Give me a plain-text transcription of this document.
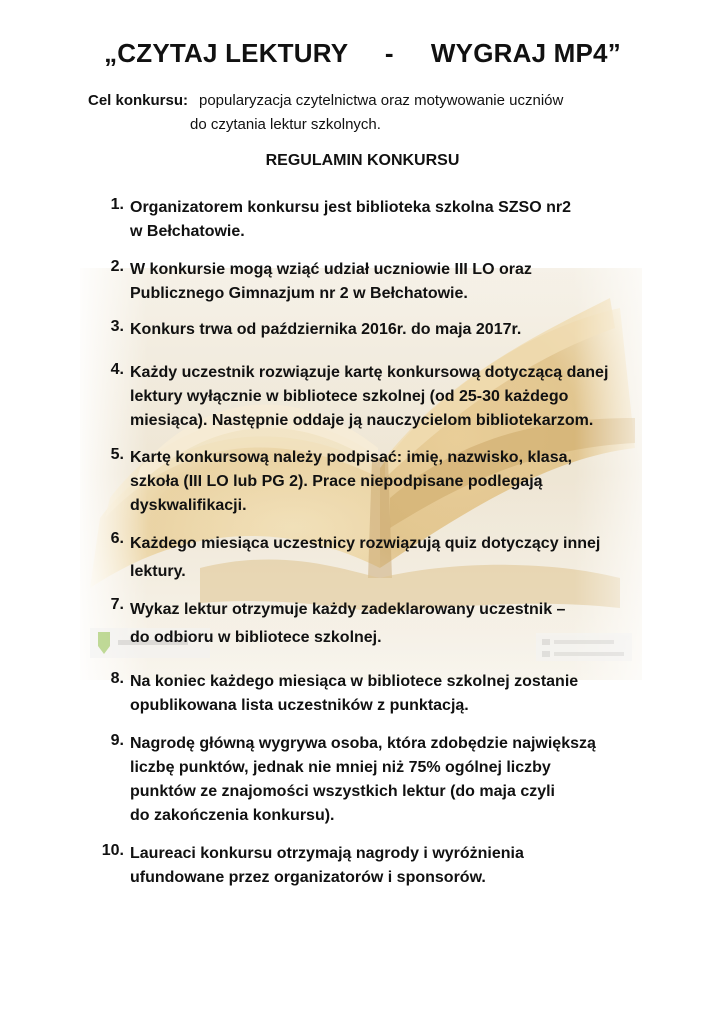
„CZYTAJ LEKTURY     -     WYGRAJ MP4”
Cel konkursu: popularyzacja czytelnictwa oraz motywowanie uczniów
do czytania lektur szkolnych.
REGULAMIN KONKURSU
1. Organizatorem konkursu jest biblioteka szkolna SZSO nr2
w Bełchatowie.
2. W konkursie mogą wziąć udział uczniowie III LO oraz
Publicznego Gimnazjum nr 2 w Bełchatowie.
3. Konkurs trwa od października 2016r. do maja 2017r.
4. Każdy uczestnik rozwiązuje kartę konkursową dotyczącą danej
lektury wyłącznie w bibliotece szkolnej (od 25-30 każdego
miesiąca). Następnie oddaje ją nauczycielom bibliotekarzom.
5. Kartę konkursową należy podpisać: imię, nazwisko, klasa,
szkoła (III LO lub PG 2). Prace niepodpisane podlegają
dyskwalifikacji.
6. Każdego miesiąca uczestnicy rozwiązują quiz dotyczący innej
lektury.
7. Wykaz lektur otrzymuje każdy zadeklarowany uczestnik –
do odbioru w bibliotece szkolnej.
8. Na koniec każdego miesiąca w bibliotece szkolnej zostanie
opublikowana lista uczestników z punktacją.
9. Nagrodę główną wygrywa osoba, która zdobędzie największą
liczbę punktów, jednak nie mniej niż 75% ogólnej liczby
punktów ze znajomości wszystkich lektur (do maja czyli
do zakończenia konkursu).
10. Laureaci konkursu otrzymają nagrody i wyróżnienia
ufundowane przez organizatorów i sponsorów.
